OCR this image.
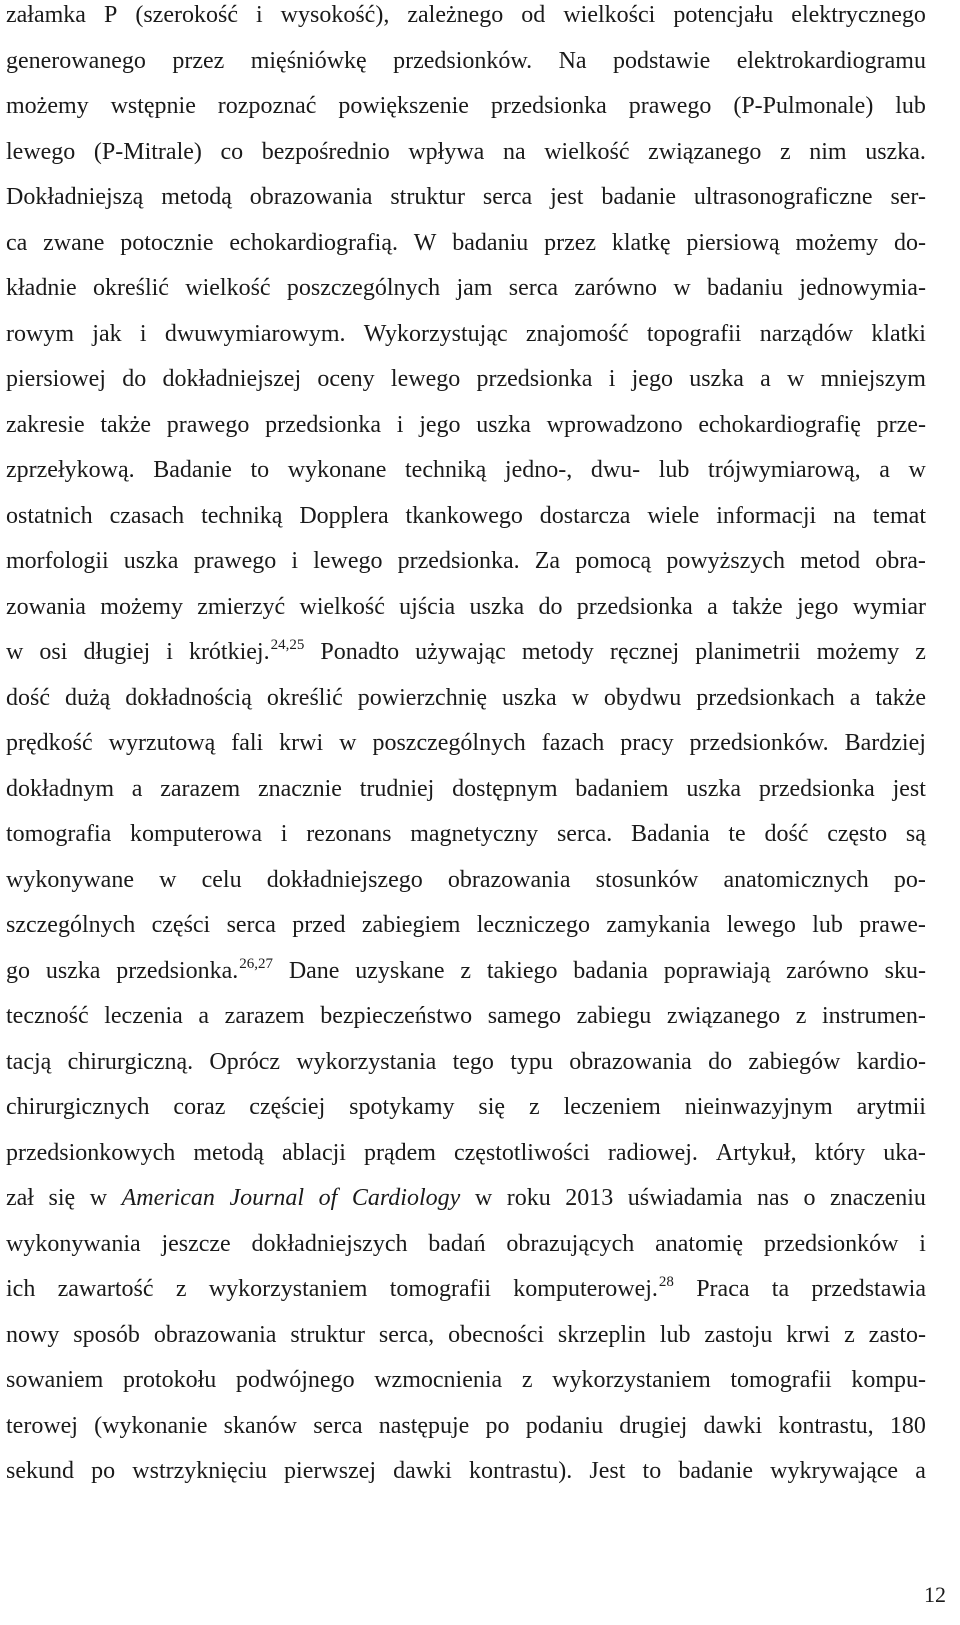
załamka P (szerokość i wysokość), zależnego od wielkości potencjału elektrycznego
generowanego przez mięśniówkę przedsionków. Na podstawie elektrokardiogramu
możemy wstępnie rozpoznać powiększenie przedsionka prawego (P-Pulmonale) lub
lewego (P-Mitrale) co bezpośrednio wpływa na wielkość związanego z nim uszka.
Dokładniejszą metodą obrazowania struktur serca jest badanie ultrasonograficzne ser-
ca zwane potocznie echokardiografią. W badaniu przez klatkę piersiową możemy do-
kładnie określić wielkość poszczególnych jam serca zarówno w badaniu jednowymia-
rowym jak i dwuwymiarowym. Wykorzystując znajomość topografii narządów klatki
piersiowej do dokładniejszej oceny lewego przedsionka i jego uszka a w mniejszym
zakresie także prawego przedsionka i jego uszka wprowadzono echokardiografię prze-
zprzełykową. Badanie to wykonane techniką jedno-, dwu- lub trójwymiarową, a w
ostatnich czasach techniką Dopplera tkankowego dostarcza wiele informacji na temat
morfologii uszka prawego i lewego przedsionka. Za pomocą powyższych metod obra-
zowania możemy zmierzyć wielkość ujścia uszka do przedsionka a także jego wymiar
w osi długiej i krótkiej.$^{24,25}$ Ponadto używając metody ręcznej planimetrii możemy z
dość dużą dokładnością określić powierzchnię uszka w obydwu przedsionkach a także
prędkość wyrzutową fali krwi w poszczególnych fazach pracy przedsionków. Bardziej
dokładnym a zarazem znacznie trudniej dostępnym badaniem uszka przedsionka jest
tomografia komputerowa i rezonans magnetyczny serca. Badania te dość często są
wykonywane w celu dokładniejszego obrazowania stosunków anatomicznych po-
szczególnych części serca przed zabiegiem leczniczego zamykania lewego lub prawe-
go uszka przedsionka.$^{26,27}$ Dane uzyskane z takiego badania poprawiają zarówno sku-
teczność leczenia a zarazem bezpieczeństwo samego zabiegu związanego z instrumen-
tacją chirurgiczną. Oprócz wykorzystania tego typu obrazowania do zabiegów kardio-
chirurgicznych coraz częściej spotykamy się z leczeniem nieinwazyjnym arytmii
przedsionkowych metodą ablacji prądem częstotliwości radiowej. Artykuł, który uka-
zał się w American Journal of Cardiology w roku 2013 uświadamia nas o znaczeniu
wykonywania jeszcze dokładniejszych badań obrazujących anatomię przedsionków i
ich zawartość z wykorzystaniem tomografii komputerowej.$^{28}$ Praca ta przedstawia
nowy sposób obrazowania struktur serca, obecności skrzeplin lub zastoju krwi z zasto-
sowaniem protokołu podwójnego wzmocnienia z wykorzystaniem tomografii kompu-
terowej (wykonanie skanów serca następuje po podaniu drugiej dawki kontrastu, 180
sekund po wstrzyknięciu pierwszej dawki kontrastu). Jest to badanie wykrywające a
12
